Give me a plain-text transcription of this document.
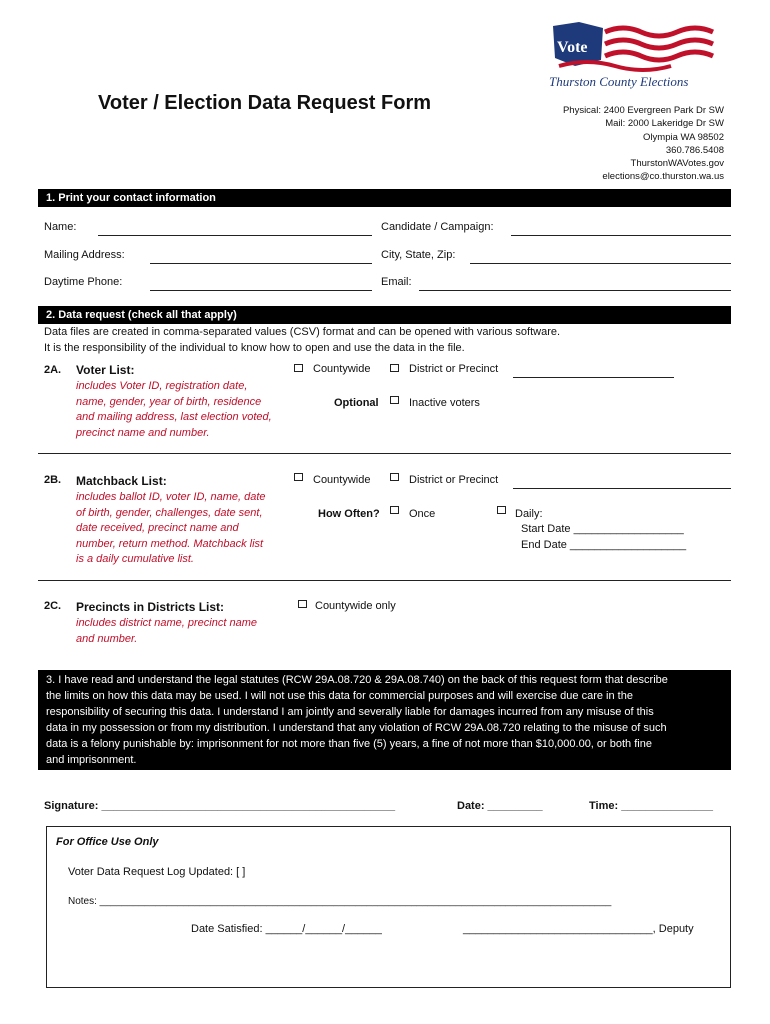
Vote
Thurston County Elections
Voter / Election Data Request Form	Physical: 2400 Evergreen Park Dr SW
Mail: 2000 Lakeridge Dr SW
Olympia WA 98502
360.786.5408
ThurstonWAVotes.gov
elections@co.thurston.wa.us
1. Print your contact information
Name:	Candidate / Campaign:
Mailing Address:	City, State, Zip:
Daytime Phone:	Email:
2. Data request (check all that apply)
Data files are created in comma-separated values (CSV) format and can be opened with various software.
It is the responsibility of the individual to know how to open and use the data in the file.
2A. Voter List:
includes Voter ID, registration date,
name, gender, year of birth, residence
and mailing address, last election voted,
precinct name and number.
Countywide	District or Precinct
Optional	Inactive voters
2B. Matchback List:
includes ballot ID, voter ID, name, date
of birth, gender, challenges, date sent,
date received, precinct name and
number, return method. Matchback list
is a daily cumulative list.
Countywide	District or Precinct
How Often?	Once	Daily:
Start Date __________________
End Date ___________________
2C. Precincts in Districts List:
includes district name, precinct name
and number.
Countywide only
3. I have read and understand the legal statutes (RCW 29A.08.720 & 29A.08.740) on the back of this request form that describe
the limits on how this data may be used. I will not use this data for commercial purposes and will exercise due care in the
responsibility of securing this data. I understand I am jointly and severally liable for damages incurred from any misuse of this
data in my possession or from my distribution. I understand that any violation of RCW 29A.08.720 relating to the misuse of such
data is a felony punishable by: imprisonment for not more than five (5) years, a fine of not more than $10,000.00, or both fine
and imprisonment.
Signature: ________________________________________________	Date: _________	Time: _______________
For Office Use Only
Voter Data Request Log Updated: [ ]
Notes: ____________________________________________________________________________________________
Date Satisfied: ______/______/______	_______________________________, Deputy
